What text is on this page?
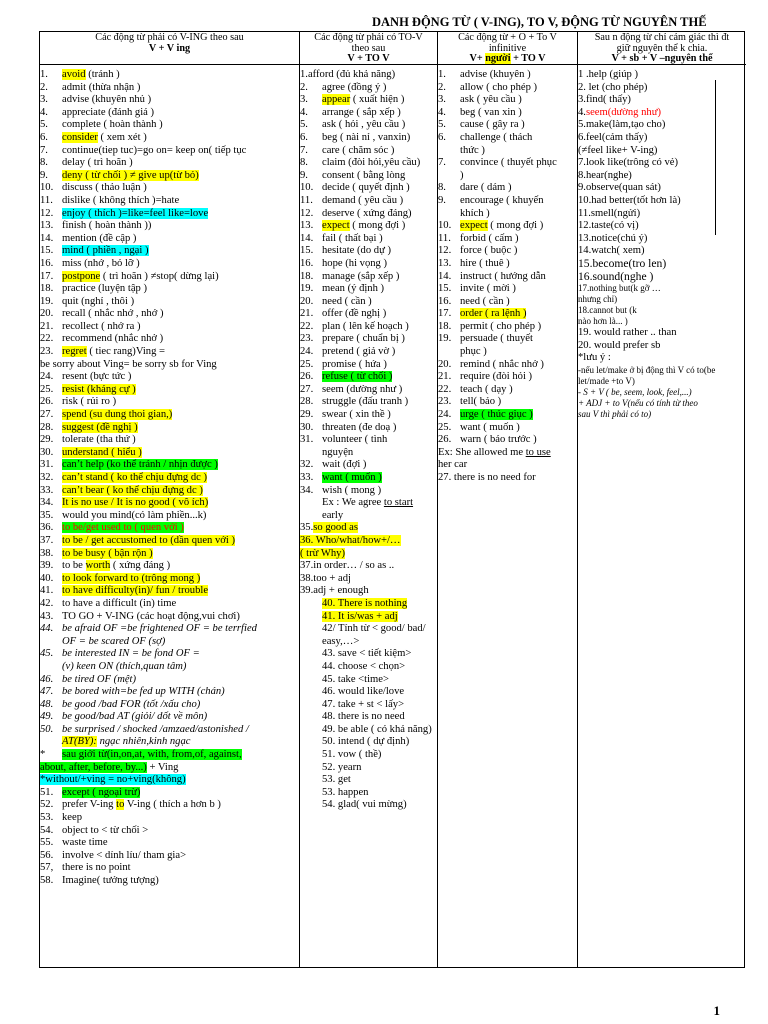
DANH ĐỘNG TỪ ( V-ING), TO V, ĐỘNG TỪ NGUYÊN THẾ
Các động từ phải có V-ING theo sau
V + V ing
1. avoid (tránh )
2. admit (thừa nhận )
3. advise (khuyên nhủ )
4. appreciate (đánh giá )
5. complete ( hoàn thành )
6. consider ( xem xét )
7. continue(tiep tuc)=go on= keep on( tiếp tục
8. delay ( trì hoãn )
9. deny ( từ chối ) ≠ give up(từ bỏ)
10. discuss ( thảo luận )
11. dislike ( không thích )=hate
12. enjoy ( thích )=like=feel like=love
13. finish ( hoàn thành ))
14. mention (đề cập )
15. mind ( phiền , ngại )
16. miss (nhớ , bỏ lỡ )
17. postpone ( trì hoãn ) ≠stop( dừng lại)
18. practice (luyện tập )
19. quit (nghỉ , thôi )
20. recall ( nhắc nhớ , nhớ )
21. recollect ( nhớ ra )
22. recommend (nhắc nhở )
23. regret ( tiec rang)Ving =
be sorry about Ving= be sorry sb for Ving
24. resent (bực tức )
25. resist (kháng cự )
26. risk ( rủi ro )
27. spend (su dung thoi gian,)
28. suggest (đề nghị )
29. tolerate (tha thứ )
30. understand ( hiểu )
31. can’t help (ko thể tránh / nhịn được )
32. can’t stand ( ko thể chịu đựng dc )
33. can’t bear ( ko thể chịu đựng dc )
34. It is no use / It is no good ( vô ích)
35. would you mind(có làm phiền...k)
36. to be/get used to ( quen với )
37. to be / get accustomed to (dần quen với )
38. to be busy ( bận rộn )
39. to be worth ( xứng đáng )
40. to look forward to (trông mong )
41. to have difficulty(in)/ fun / trouble
42. to have a difficult (in) time
43. TO GO + V-ING (các hoạt động,vui chơi)
44. be afraid OF =be frightened OF = be terrfied
OF = be scared OF (sợ)
45. be interested IN = be fond OF =
(v) keen ON (thích,quan tâm)
46. be tired OF (mệt)
47. be bored with=be fed up WITH (chán)
48. be good /bad FOR (tốt /xấu cho)
49. be good/bad AT (giỏi/ dốt về môn)
50. be surprised / shocked /amzaed/astonished /
AT(BY): ngạc nhiên,kinh ngạc
* sau giới từ(in,on,at, with, from,of, against,
about, after, before, by...) + Ving
*without/+ving = no+ving(không)
51. except ( ngoại trừ)
52. prefer V-ing to V-ing ( thích a hơn b )
53. keep
54. object to < từ chối >
55. waste time
56. involve < dính líu/ tham gia>
57, there is no point
58. Imagine( tưởng tượng)
Các động từ phải có TO-V
theo sau
V + TO V
1.afford (đủ khả năng)
2. agree (đồng ý )
3. appear ( xuất hiện )
4. arrange ( sắp xếp )
5. ask ( hỏi , yêu cầu )
6. beg ( nài nỉ , vanxin)
7. care ( chăm sóc )
8. claim (đòi hỏi,yêu cầu)
9. consent ( bằng lòng
10. decide ( quyết định )
11. demand ( yêu cầu )
12. deserve ( xứng đáng)
13. expect ( mong đợi )
14. fail ( thất bại )
15. hesitate (do dự )
16. hope (hi vọng )
18. manage (sắp xếp )
19. mean (ý định )
20. need ( cần )
21. offer (đề nghị )
22. plan ( lên kế hoạch )
23. prepare ( chuẩn bị )
24. pretend ( giả vờ )
25. promise ( hứa )
26. refuse ( từ chối )
27. seem (dường như )
28. struggle (đấu tranh )
29. swear ( xin thề )
30. threaten (đe doạ )
31. volunteer ( tình
nguyện
32. wait (đợi )
33. want ( muốn )
34. wish ( mong )
Ex : We agree to start
early
35.so good as
36. Who/what/how+/…
( trừ Why)
37.in order… / so as ..
38.too + adj
39.adj + enough
40. There is nothing
41. It is/was + adj
42/ Tính từ < good/ bad/
easy,…>
43. save < tiết kiệm>
44. choose < chọn>
45. take <time>
46. would like/love
47. take + st < lấy>
48. there is no need
49. be able ( có khả năng)
50. intend ( dự định)
51. vow ( thề)
52. yearn
53. get
53. happen
54. glad( vui mừng)
Các động từ + O + To V
infinitive
V+ người + TO V
1. advise (khuyên )
2. allow ( cho phép )
3. ask ( yêu cầu )
4. beg ( van xin )
5. cause ( gây ra )
6. challenge ( thách
thức )
7. convince ( thuyết phục
)
8. dare ( dám )
9. encourage ( khuyến
khích )
10. expect ( mong đợi )
11. forbid ( cấm )
12. force ( buộc )
13. hire ( thuê )
14. instruct ( hướng dẫn
15. invite ( mời )
16. need ( cần )
17. order ( ra lệnh )
18. permit ( cho phép )
19. persuade ( thuyết
phục )
20. remind ( nhắc nhở )
21. require (đòi hỏi )
22. teach ( dạy )
23. tell( bảo )
24. urge ( thúc giục )
25. want ( muốn )
26. warn ( báo trước )
Ex: She allowed me to use
her car
27. there is no need for
Sau n động từ chỉ cảm giác thì đt
giữ nguyên thể k chia.
V + sb + V –nguyên thể
1 .help (giúp )
2. let (cho phép)
3.find( thấy)
4.seem(dường như)
5.make(làm,tạo cho)
6.feel(cảm thấy)
(≠feel like+ V-ing)
7.look like(trông có vẻ)
8.hear(nghe)
9.observe(quan sát)
10.had better(tốt hơn là)
11.smell(ngửi)
12.taste(có vị)
13.notice(chú ý)
14.watch( xem)
15.become(tro len)
16.sound(nghe )
17.nothing but(k gỡ …
nhưng chỉ)
18.cannot but (k
nào hơn là... )
19. would rather .. than
20. would prefer sb
*lưu ý :
-nếu let/make ở bị động thì V có to(be
let/made +to V)
- S + V ( be, seem, look, feel,...)
+ ADJ + to V(nếu có tính từ theo
sau V thì phải có to)
1
